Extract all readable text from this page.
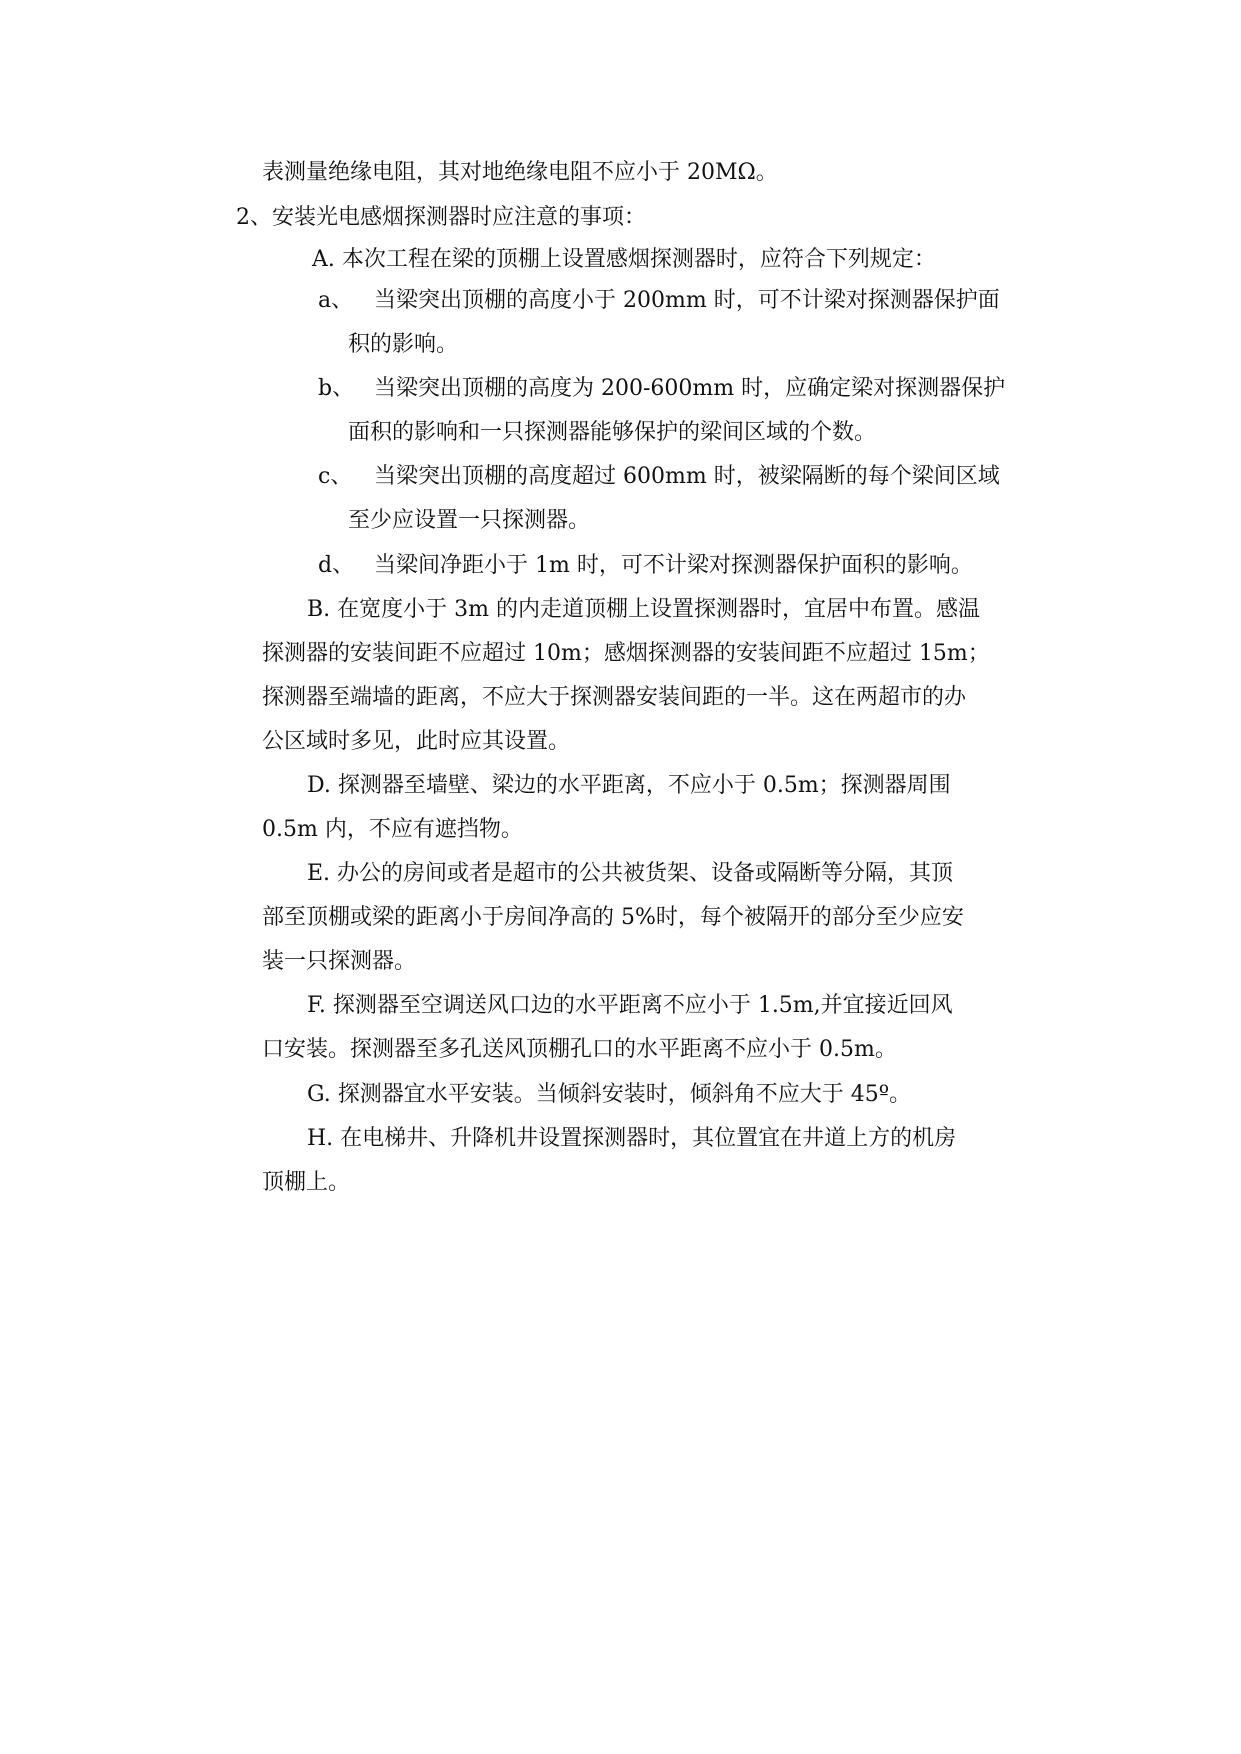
表测量绝缘电阻，其对地绝缘电阻不应小于 20MΩ。
2、安装光电感烟探测器时应注意的事项：
A. 本次工程在梁的顶棚上设置感烟探测器时，应符合下列规定：
a、 当梁突出顶棚的高度小于 200mm 时，可不计梁对探测器保护面
积的影响。
b、 当梁突出顶棚的高度为 200-600mm 时，应确定梁对探测器保护
面积的影响和一只探测器能够保护的梁间区域的个数。
c、 当梁突出顶棚的高度超过 600mm 时，被梁隔断的每个梁间区域
至少应设置一只探测器。
d、 当梁间净距小于 1m 时，可不计梁对探测器保护面积的影响。
B. 在宽度小于 3m 的内走道顶棚上设置探测器时，宜居中布置。感温
探测器的安装间距不应超过 10m；感烟探测器的安装间距不应超过 15m；
探测器至端墙的距离，不应大于探测器安装间距的一半。这在两超市的办
公区域时多见，此时应其设置。
D. 探测器至墙壁、梁边的水平距离，不应小于 0.5m；探测器周围
0.5m 内，不应有遮挡物。
E. 办公的房间或者是超市的公共被货架、设备或隔断等分隔，其顶
部至顶棚或梁的距离小于房间净高的 5%时，每个被隔开的部分至少应安
装一只探测器。
F. 探测器至空调送风口边的水平距离不应小于 1.5m,并宜接近回风
口安装。探测器至多孔送风顶棚孔口的水平距离不应小于 0.5m。
G. 探测器宜水平安装。当倾斜安装时，倾斜角不应大于 45º。
H. 在电梯井、升降机井设置探测器时，其位置宜在井道上方的机房
顶棚上。
